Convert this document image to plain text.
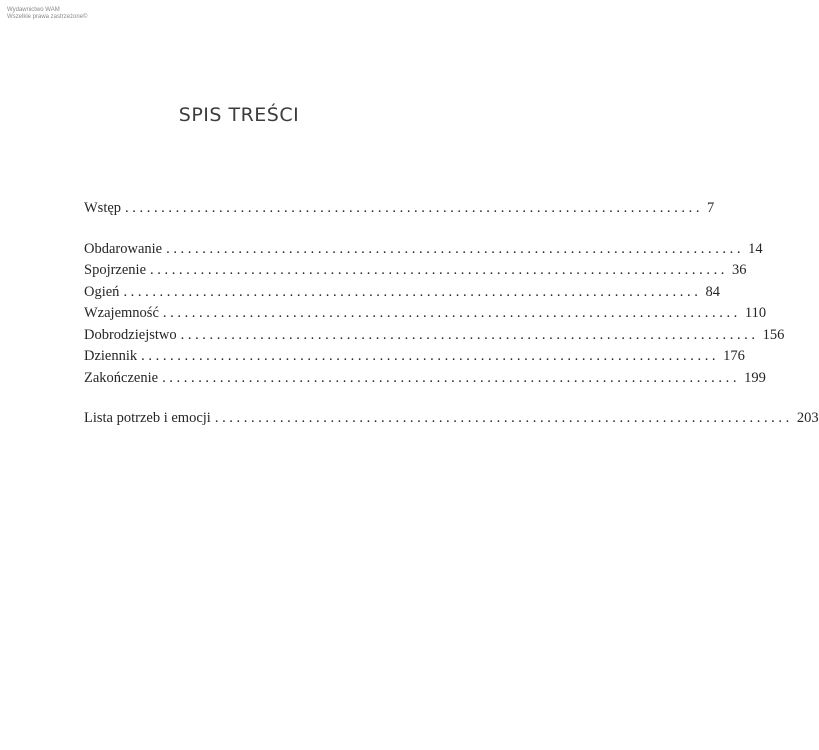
Wydawnictwo WAM
Wszelkie prawa zastrzeżone©
SPIS TREŚCI
Wstęp ................................................................................ 7
Obdarowanie ................................................................................ 14
Spojrzenie ................................................................................ 36
Ogień ................................................................................ 84
Wzajemność ................................................................................ 110
Dobrodziejstwo ................................................................................ 156
Dziennik ................................................................................ 176
Zakończenie ................................................................................ 199
Lista potrzeb i emocji ................................................................................ 203
